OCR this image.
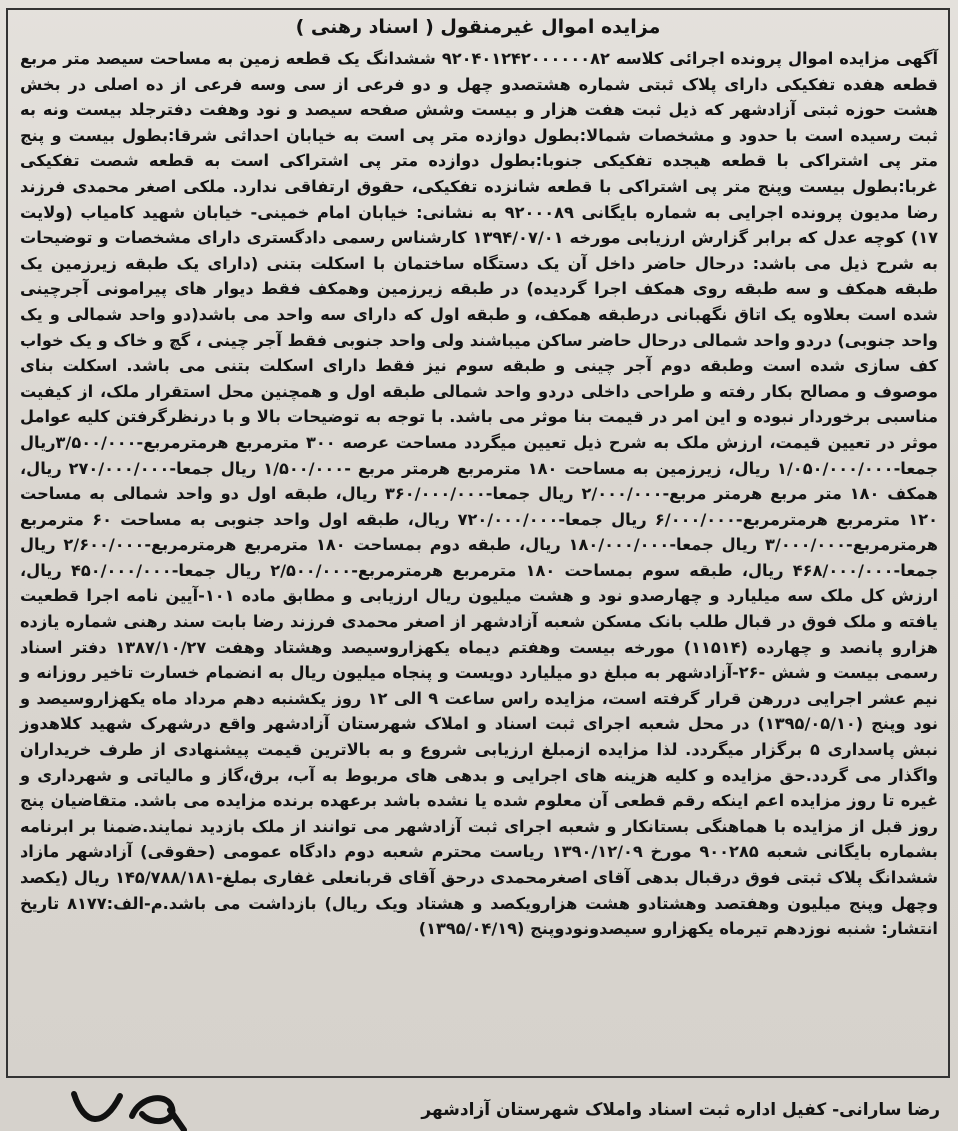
مزایده اموال غیرمنقول ( اسناد رهنی )

آگهی مزایده اموال پرونده اجرائی کلاسه ۹۲۰۴۰۱۲۴۲۰۰۰۰۰۰۸۲ ششدانگ یک قطعه زمین به مساحت سیصد متر مربع قطعه هفده تفکیکی دارای پلاک ثبتی شماره هشتصدو چهل و دو فرعی از سی وسه فرعی از ده اصلی در بخش هشت حوزه ثبتی آزادشهر که ذیل ثبت هفت هزار و بیست وشش صفحه سیصد و نود وهفت دفترجلد بیست ونه به ثبت رسیده است با حدود و مشخصات شمالا:بطول دوازده متر پی است به خیابان احداثی شرقا:بطول بیست و پنج متر پی اشتراکی با قطعه هیجده تفکیکی جنوبا:بطول دوازده متر پی اشتراکی است به قطعه شصت تفکیکی غربا:بطول بیست وپنج متر پی اشتراکی با قطعه شانزده تفکیکی، حقوق ارتفاقی ندارد. ملکی اصغر محمدی فرزند رضا مدیون پرونده اجرایی به شماره بایگانی ۹۲۰۰۰۸۹ به نشانی: خیابان امام خمینی- خیابان شهید کامیاب (ولایت ۱۷) کوچه عدل که برابر گزارش ارزیابی مورخه ۱۳۹۴/۰۷/۰۱ کارشناس رسمی دادگستری دارای مشخصات و توضیحات به شرح ذیل می باشد: درحال حاضر داخل آن یک دستگاه ساختمان با اسکلت بتنی (دارای یک طبقه زیرزمین یک طبقه همکف و سه طبقه روی همکف اجرا گردیده) در طبقه زیرزمین وهمکف فقط دیوار های پیرامونی آجرچینی شده است بعلاوه یک اتاق نگهبانی درطبقه همکف، و طبقه اول که دارای سه واحد می باشد(دو واحد شمالی و یک واحد جنوبی) دردو واحد شمالی درحال حاضر ساکن میباشند ولی واحد جنوبی فقط آجر چینی ، گچ و خاک و یک خواب کف سازی شده است وطبقه دوم آجر چینی و طبقه سوم نیز فقط دارای اسکلت بتنی می باشد. اسکلت بنای موصوف و مصالح بکار رفته و طراحی داخلی دردو واحد شمالی طبقه اول و همچنین محل استقرار ملک، از کیفیت مناسبی برخوردار نبوده و این امر در قیمت بنا موثر می باشد. با توجه به توضیحات بالا و با درنظرگرفتن کلیه عوامل موثر در تعیین قیمت، ارزش ملک به شرح ذیل تعیین میگردد مساحت عرصه ۳۰۰ مترمربع هرمترمربع-۳/۵۰۰/۰۰۰ریال جمعا-۱/۰۵۰/۰۰۰/۰۰۰ ریال، زیرزمین به مساحت ۱۸۰ مترمربع هرمتر مربع -۱/۵۰۰/۰۰۰ ریال جمعا-۲۷۰/۰۰۰/۰۰۰ ریال، همکف ۱۸۰ متر مربع هرمتر مربع-۲/۰۰۰/۰۰۰ ریال جمعا-۳۶۰/۰۰۰/۰۰۰ ریال، طبقه اول دو واحد شمالی به مساحت ۱۲۰ مترمربع هرمترمربع-۶/۰۰۰/۰۰۰ ریال جمعا-۷۲۰/۰۰۰/۰۰۰ ریال، طبقه اول واحد جنوبی به مساحت ۶۰ مترمربع هرمترمربع-۳/۰۰۰/۰۰۰ ریال جمعا-۱۸۰/۰۰۰/۰۰۰ ریال، طبقه دوم بمساحت ۱۸۰ مترمربع هرمترمربع-۲/۶۰۰/۰۰۰ ریال جمعا-۴۶۸/۰۰۰/۰۰۰ ریال، طبقه سوم بمساحت ۱۸۰ مترمربع هرمترمربع-۲/۵۰۰/۰۰۰ ریال جمعا-۴۵۰/۰۰۰/۰۰۰ ریال، ارزش کل ملک سه میلیارد و چهارصدو نود و هشت میلیون ریال ارزیابی و مطابق ماده ۱۰۱-آیین نامه اجرا قطعیت یافته و ملک فوق در قبال طلب بانک مسکن شعبه آزادشهر از اصغر محمدی فرزند رضا بابت سند رهنی شماره یازده هزارو پانصد و چهارده (۱۱۵۱۴) مورخه بیست وهفتم دیماه یکهزاروسیصد وهشتاد وهفت ۱۳۸۷/۱۰/۲۷ دفتر اسناد رسمی بیست و شش -۲۶-آزادشهر به مبلغ دو میلیارد دویست و پنجاه میلیون ریال به انضمام خسارت تاخیر روزانه و نیم عشر اجرایی دررهن قرار گرفته است، مزایده راس ساعت ۹ الی ۱۲ روز یکشنبه دهم مرداد ماه یکهزاروسیصد و نود وپنج (۱۳۹۵/۰۵/۱۰) در محل شعبه اجرای ثبت اسناد و املاک شهرستان آزادشهر واقع درشهرک شهید کلاهدوز نبش پاسداری ۵ برگزار میگردد. لذا مزایده ازمبلغ ارزیابی شروع و به بالاترین قیمت پیشنهادی از طرف خریداران واگذار می گردد.حق مزایده و کلیه هزینه های اجرایی و بدهی های مربوط به آب، برق،گاز و مالیاتی و شهرداری و غیره تا روز مزایده اعم اینکه رقم قطعی آن معلوم شده یا نشده باشد برعهده برنده مزایده می باشد. متقاضیان پنج روز قبل از مزایده با هماهنگی بستانکار و شعبه اجرای ثبت آزادشهر می توانند از ملک بازدید نمایند.ضمنا بر ابرنامه بشماره بایگانی شعبه ۹۰۰۲۸۵ مورخ ۱۳۹۰/۱۲/۰۹ ریاست محترم شعبه دوم دادگاه عمومی (حقوقی) آزادشهر مازاد ششدانگ پلاک ثبتی فوق درقبال بدهی آقای اصغرمحمدی درحق آقای قربانعلی غفاری بملغ-۱۴۵/۷۸۸/۱۸۱ ریال (یکصد وچهل وپنج میلیون وهفتصد وهشتادو هشت هزارویکصد و هشتاد ویک ریال) بازداشت می باشد.م-الف:۸۱۷۷ تاریخ انتشار: شنبه نوزدهم تیرماه یکهزارو سیصدونودوپنج (۱۳۹۵/۰۴/۱۹)

رضا سارانی- کفیل اداره ثبت اسناد واملاک شهرستان آزادشهر
